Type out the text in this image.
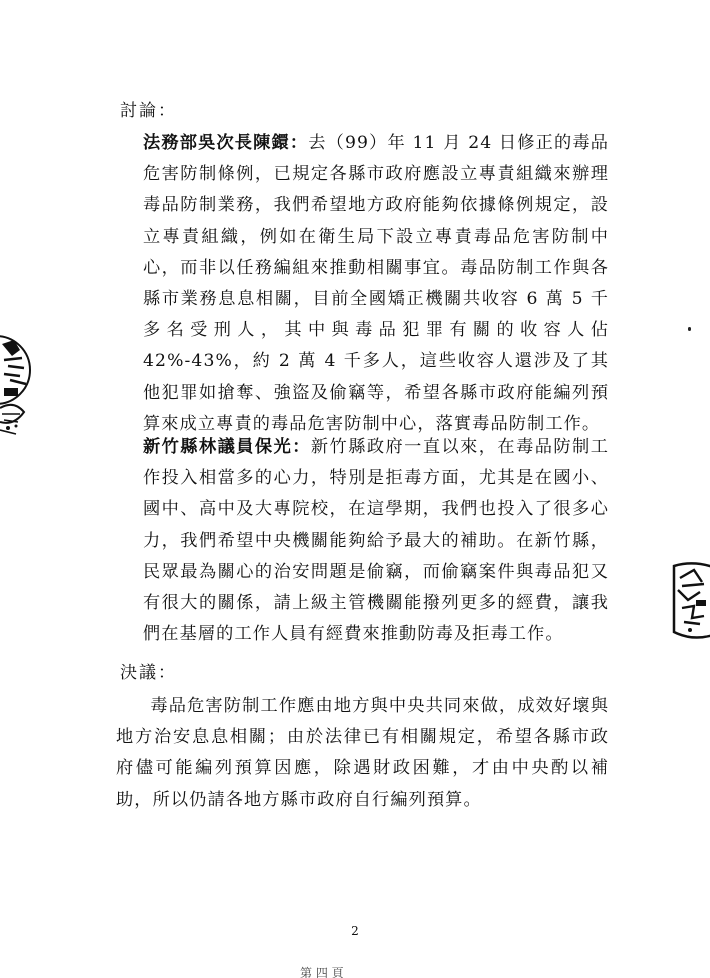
討論：
法務部吳次長陳鐶：去（99）年 11 月 24 日修正的毒品危害防制條例，已規定各縣市政府應設立專責組織來辦理毒品防制業務，我們希望地方政府能夠依據條例規定，設立專責組織，例如在衛生局下設立專責毒品危害防制中心，而非以任務編組來推動相關事宜。毒品防制工作與各縣市業務息息相關，目前全國矯正機關共收容 6 萬 5 千多名受刑人，其中與毒品犯罪有關的收容人佔 42%-43%，約 2 萬 4 千多人，這些收容人還涉及了其他犯罪如搶奪、強盜及偷竊等，希望各縣市政府能編列預算來成立專責的毒品危害防制中心，落實毒品防制工作。
新竹縣林議員保光：新竹縣政府一直以來，在毒品防制工作投入相當多的心力，特別是拒毒方面，尤其是在國小、國中、高中及大專院校，在這學期，我們也投入了很多心力，我們希望中央機關能夠給予最大的補助。在新竹縣，民眾最為關心的治安問題是偷竊，而偷竊案件與毒品犯又有很大的關係，請上級主管機關能撥列更多的經費，讓我們在基層的工作人員有經費來推動防毒及拒毒工作。
決議：
毒品危害防制工作應由地方與中央共同來做，成效好壞與地方治安息息相關；由於法律已有相關規定，希望各縣市政府儘可能編列預算因應，除遇財政困難，才由中央酌以補助，所以仍請各地方縣市政府自行編列預算。
2
第 四 頁
